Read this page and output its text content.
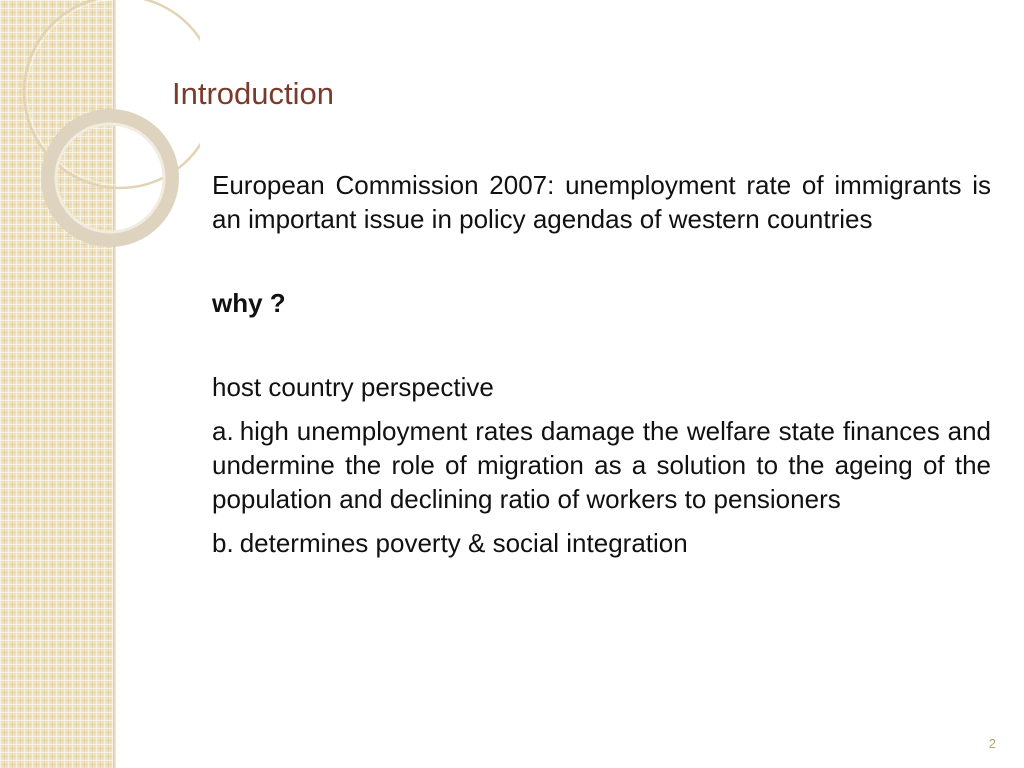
Introduction

European Commission 2007: unemployment rate of immigrants is an important issue in policy agendas of western countries

why ?

host country perspective

a. high unemployment rates damage the welfare state finances and undermine the role of migration as a solution to the ageing of the population and declining ratio of workers to pensioners

b. determines poverty & social integration

2
